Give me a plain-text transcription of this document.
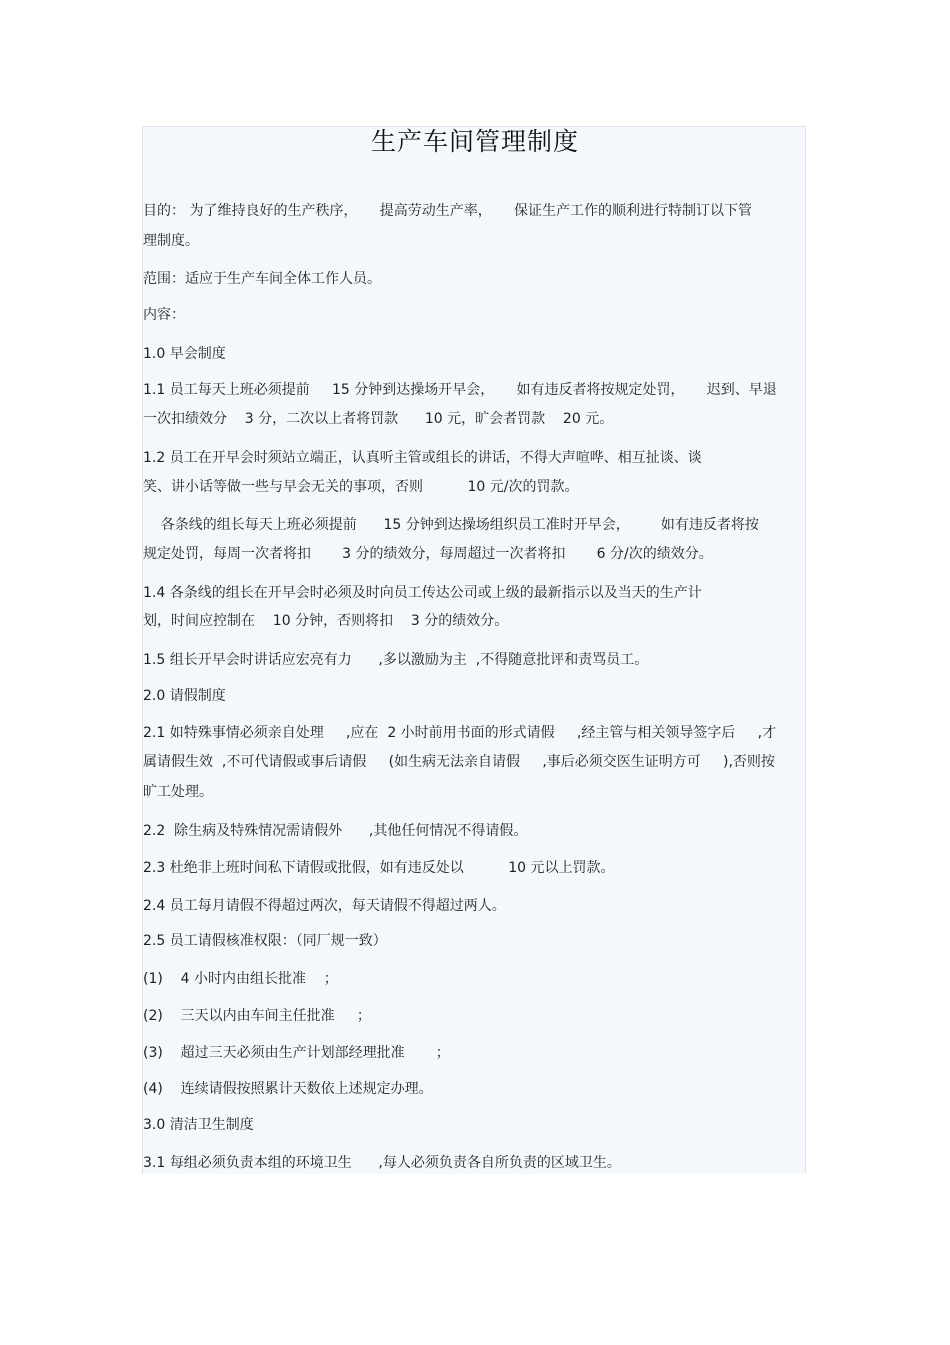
生产车间管理制度
目的： 为了维持良好的生产秩序，     提高劳动生产率，     保证生产工作的顺利进行特制订以下管
理制度。
范围：适应于生产车间全体工作人员。
内容：
1.0 早会制度
1.1 员工每天上班必须提前     15 分钟到达操场开早会，     如有违反者将按规定处罚，     迟到、早退
一次扣绩效分    3 分，二次以上者将罚款      10 元，旷会者罚款    20 元。
1.2 员工在开早会时须站立端正，认真听主管或组长的讲话，不得大声喧哗、相互扯谈、谈
笑、讲小话等做一些与早会无关的事项，否则          10 元/次的罚款。
各条线的组长每天上班必须提前      15 分钟到达操场组织员工准时开早会，       如有违反者将按
规定处罚，每周一次者将扣       3 分的绩效分，每周超过一次者将扣       6 分/次的绩效分。
1.4 各条线的组长在开早会时必须及时向员工传达公司或上级的最新指示以及当天的生产计
划，时间应控制在    10 分钟，否则将扣    3 分的绩效分。
1.5 组长开早会时讲话应宏亮有力      ,多以激励为主  ,不得随意批评和责骂员工。
2.0 请假制度
2.1 如特殊事情必须亲自处理     ,应在  2 小时前用书面的形式请假     ,经主管与相关领导签字后     ,才
属请假生效  ,不可代请假或事后请假     (如生病无法亲自请假     ,事后必须交医生证明方可     ),否则按
旷工处理。
2.2  除生病及特殊情况需请假外      ,其他任何情况不得请假。
2.3 杜绝非上班时间私下请假或批假，如有违反处以          10 元以上罚款。
2.4 员工每月请假不得超过两次，每天请假不得超过两人。
2.5 员工请假核准权限：（同厂规一致）
(1)    4 小时内由组长批准    ；
(2)    三天以内由车间主任批准     ；
(3)    超过三天必须由生产计划部经理批准       ；
(4)    连续请假按照累计天数依上述规定办理。
3.0 清洁卫生制度
3.1 每组必须负责本组的环境卫生      ,每人必须负责各自所负责的区域卫生。
